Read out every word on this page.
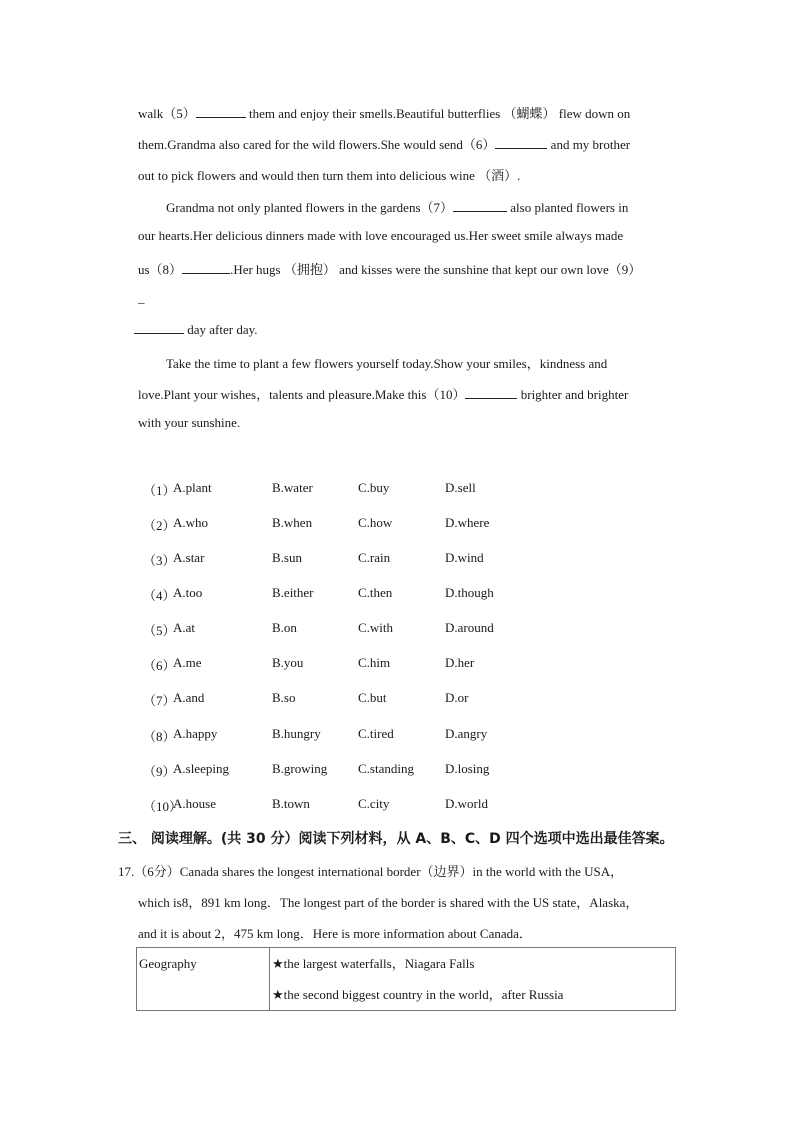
walk（5）	them and enjoy their smells.Beautiful butterflies （蝴蝶） flew down on
them.Grandma also cared for the wild flowers.She would send（6）	and my brother
out to pick flowers and would then turn them into delicious wine （酒）.
Grandma not only planted flowers in the gardens（7）	also planted flowers in
our hearts.Her delicious dinners made with love encouraged us.Her sweet smile always made
us（8）	.Her hugs （拥抱） and kisses were the sunshine that kept our own love（9）
_
day after day.
Take the time to plant a few flowers yourself today.Show your smiles，kindness and
love.Plant your wishes，talents and pleasure.Make this（10）	brighter and brighter
with your sunshine.
（1）
A.plant	B.water	C.buy	D.sell
（2）
A.who	B.when	C.how	D.where
（3）
A.star	B.sun	C.rain	D.wind
（4）
A.too	B.either	C.then	D.though
（5）
A.at	B.on	C.with	D.around
（6）
A.me	B.you	C.him	D.her
（7）
A.and	B.so	C.but	D.or
（8）
A.happy	B.hungry	C.tired	D.angry
（9）
A.sleeping	B.growing C.standing D.losing
（10）
A.house	B.town	C.city	D.world
三、 阅读理解。(共 30 分）阅读下列材料，从 A、B、C、D 四个选项中选出最佳答案。
17.（6分）Canada shares the longest international border（边界）in the world with the USA，
which is8，891 km long．The longest part of the border is shared with the US state，Alaska，
and it is about 2，475 km long．Here is more information about Canada．
Geography	★the largest waterfalls，Niagara Falls
★the second biggest country in the world，after Russia
